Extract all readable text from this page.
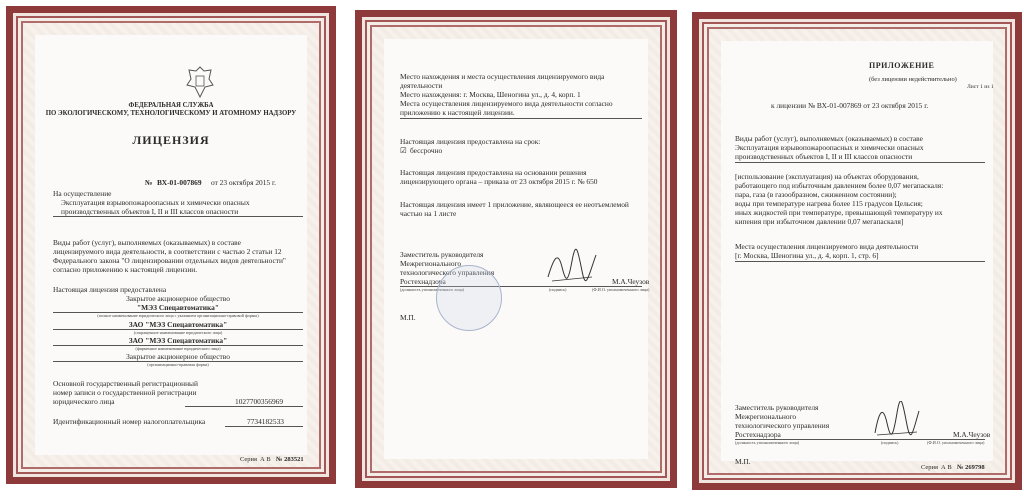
ФЕДЕРАЛЬНАЯ СЛУЖБА
ПО ЭКОЛОГИЧЕСКОМУ, ТЕХНОЛОГИЧЕСКОМУ И АТОМНОМУ НАДЗОРУ
ЛИЦЕНЗИЯ
№ ВХ-01-007869 от 23 октября 2015 г.
На осуществление
Эксплуатация взрывопожароопасных и химически опасных
производственных объектов I, II и III классов опасности
Виды работ (услуг), выполняемых (оказываемых) в составе
лицензируемого вида деятельности, в соответствии с частью 2 статьи 12
Федерального закона "О лицензировании отдельных видов деятельности"
согласно приложению к настоящей лицензии.
Настоящая лицензия предоставлена
Закрытое акционерное общество
"МЭЗ Спецавтоматика"
(полное наименование юридического лица с указанием организационно-правовой формы)
ЗАО "МЭЗ Спецавтоматика"
(сокращенное наименование юридического лица)
ЗАО "МЭЗ Спецавтоматика"
(фирменное наименование юридического лица)
Закрытое акционерное общество
(организационно-правовая форма)
Основной государственный регистрационный
номер записи о государственной регистрации
юридического лица	1027700356969
Идентификационный номер налогоплательщика	7734182533
Серия А В № 283521
Место нахождения и места осуществления лицензируемого вида
деятельности
Место нахождения: г. Москва, Шеногина ул., д. 4, корп. 1
Места осуществления лицензируемого вида деятельности согласно
приложению к настоящей лицензии.
Настоящая лицензия предоставлена на срок:
☑ бессрочно
Настоящая лицензия предоставлена на основании решения
лицензирующего органа – приказа от 23 октября 2015 г. № 650
Настоящая лицензия имеет 1 приложение, являющееся ее неотъемлемой
частью на 1 листе
Заместитель руководителя
Межрегионального
технологического управления
Ростехнадзора	М.А.Чеузов
(должность уполномоченного лица)	(подпись)	(Ф.И.О. уполномоченного лица)
М.П.
ПРИЛОЖЕНИЕ
(без лицензии недействительно)
Лист 1 из 1
к лицензии № ВХ-01-007869 от 23 октября 2015 г.
Виды работ (услуг), выполняемых (оказываемых) в составе
Эксплуатация взрывопожароопасных и химически опасных
производственных объектов I, II и III классов опасности
[использование (эксплуатация) на объектах оборудования,
работающего под избыточным давлением более 0,07 мегапаскаля:
пара, газа (в газообразном, сжиженном состоянии);
воды при температуре нагрева более 115 градусов Цельсия;
иных жидкостей при температуре, превышающей температуру их
кипения при избыточном давлении 0,07 мегапаскаля]
Места осуществления лицензируемого вида деятельности
[г. Москва, Шеногина ул., д. 4, корп. 1, стр. 6]
Заместитель руководителя
Межрегионального
технологического управления
Ростехнадзора	М.А.Чеузов
(должность уполномоченного лица)	(подпись)	(Ф.И.О. уполномоченного лица)
М.П.
Серия А В № 269798
